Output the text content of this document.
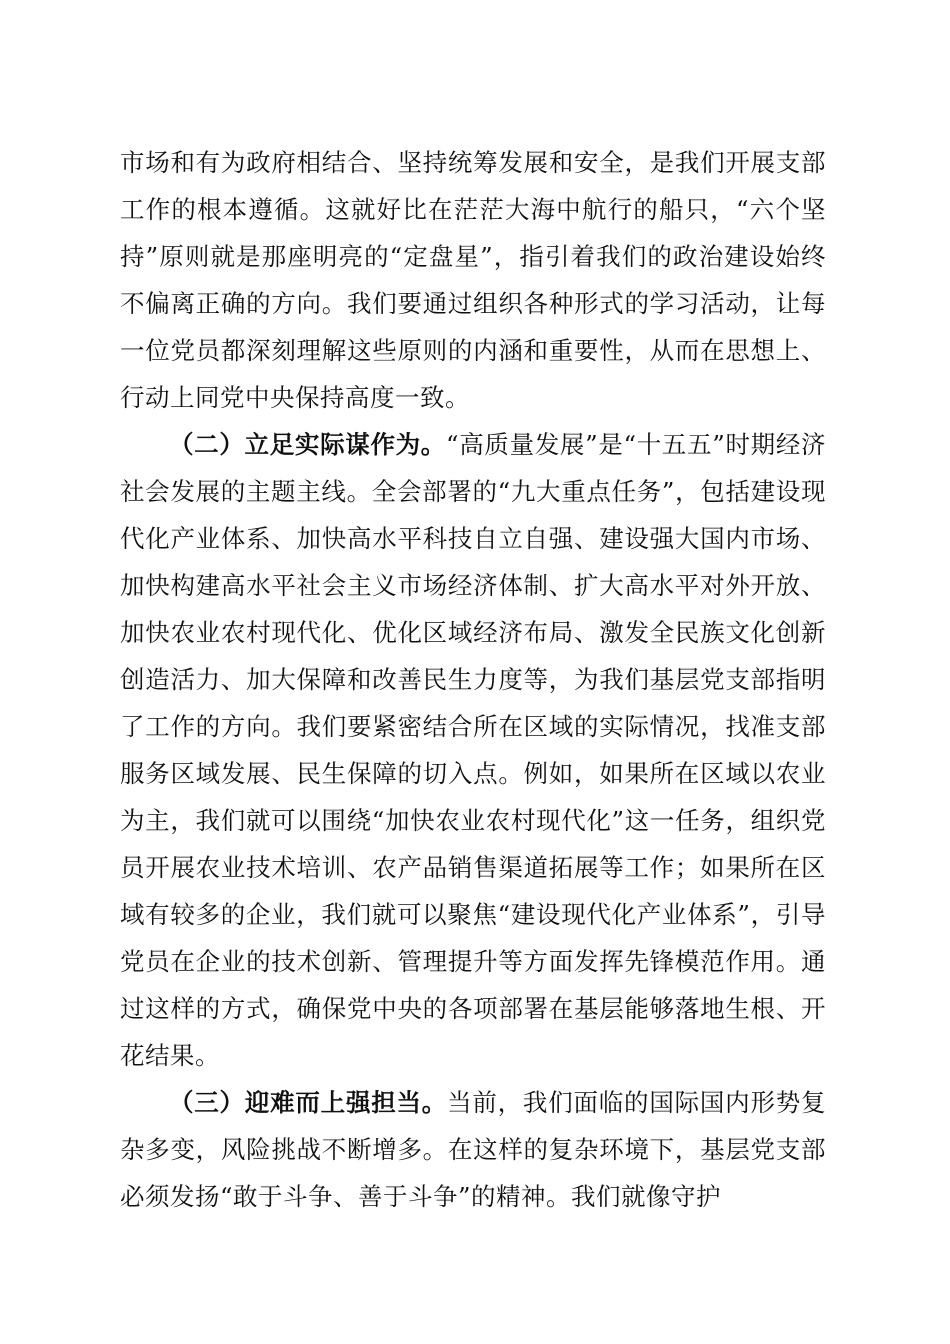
市场和有为政府相结合、坚持统筹发展和安全，是我们开展支部工作的根本遵循。这就好比在茫茫大海中航行的船只，“六个坚持”原则就是那座明亮的“定盘星”，指引着我们的政治建设始终不偏离正确的方向。我们要通过组织各种形式的学习活动，让每一位党员都深刻理解这些原则的内涵和重要性，从而在思想上、行动上同党中央保持高度一致。

（二）立足实际谋作为。“高质量发展”是“十五五”时期经济社会发展的主题主线。全会部署的“九大重点任务”，包括建设现代化产业体系、加快高水平科技自立自强、建设强大国内市场、加快构建高水平社会主义市场经济体制、扩大高水平对外开放、加快农业农村现代化、优化区域经济布局、激发全民族文化创新创造活力、加大保障和改善民生力度等，为我们基层党支部指明了工作的方向。我们要紧密结合所在区域的实际情况，找准支部服务区域发展、民生保障的切入点。例如，如果所在区域以农业为主，我们就可以围绕“加快农业农村现代化”这一任务，组织党员开展农业技术培训、农产品销售渠道拓展等工作；如果所在区域有较多的企业，我们就可以聚焦“建设现代化产业体系”，引导党员在企业的技术创新、管理提升等方面发挥先锋模范作用。通过这样的方式，确保党中央的各项部署在基层能够落地生根、开花结果。

（三）迎难而上强担当。当前，我们面临的国际国内形势复杂多变，风险挑战不断增多。在这样的复杂环境下，基层党支部必须发扬“敢于斗争、善于斗争”的精神。我们就像守护
